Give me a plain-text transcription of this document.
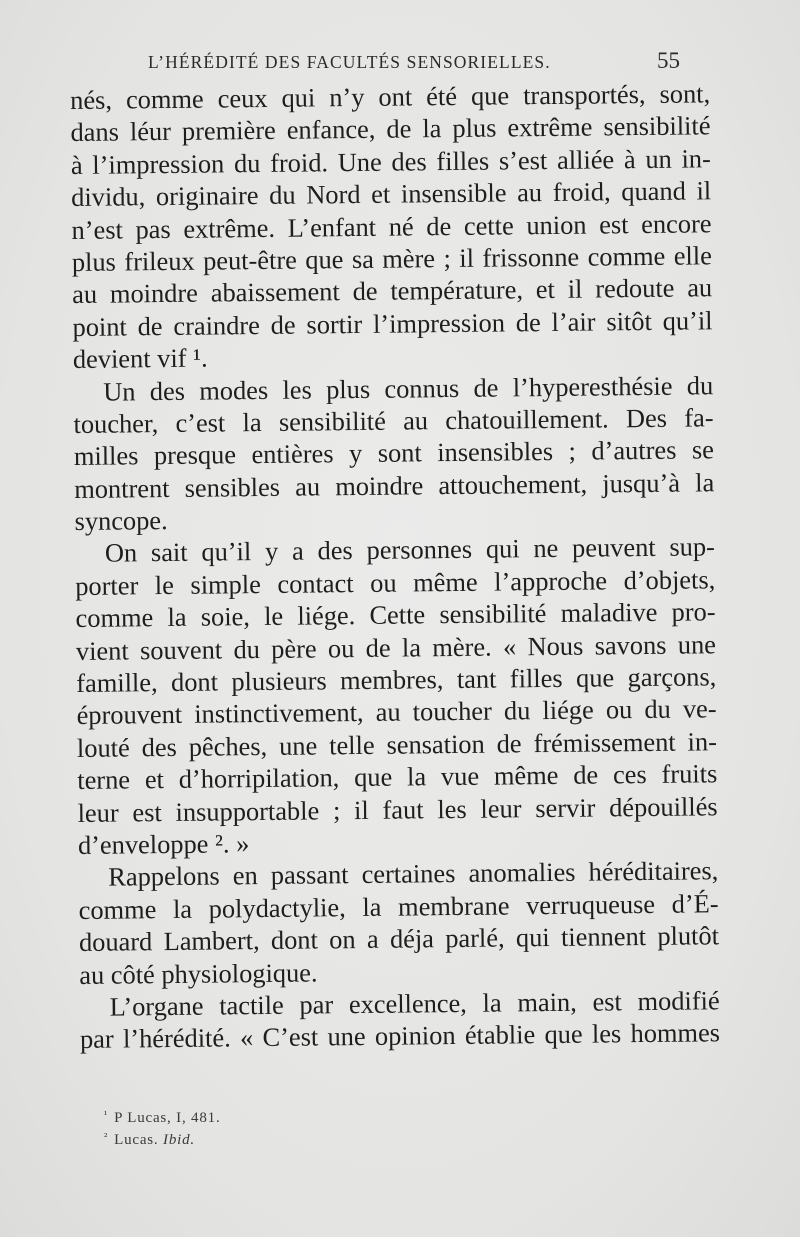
L’HÉRÉDITÉ DES FACULTÉS SENSORIELLES.	55
nés, comme ceux qui n’y ont été que transportés, sont,
dans léur première enfance, de la plus extrême sensibilité
à l’impression du froid. Une des filles s’est alliée à un in-
dividu, originaire du Nord et insensible au froid, quand il
n’est pas extrême. L’enfant né de cette union est encore
plus frileux peut-être que sa mère ; il frissonne comme elle
au moindre abaissement de température, et il redoute au
point de craindre de sortir l’impression de l’air sitôt qu’il
devient vif ¹.
Un des modes les plus connus de l’hyperesthésie du
toucher, c’est la sensibilité au chatouillement. Des fa-
milles presque entières y sont insensibles ; d’autres se
montrent sensibles au moindre attouchement, jusqu’à la
syncope.
On sait qu’il y a des personnes qui ne peuvent sup-
porter le simple contact ou même l’approche d’objets,
comme la soie, le liége. Cette sensibilité maladive pro-
vient souvent du père ou de la mère. « Nous savons une
famille, dont plusieurs membres, tant filles que garçons,
éprouvent instinctivement, au toucher du liége ou du ve-
louté des pêches, une telle sensation de frémissement in-
terne et d’horripilation, que la vue même de ces fruits
leur est insupportable ; il faut les leur servir dépouillés
d’enveloppe ². »
Rappelons en passant certaines anomalies héréditaires,
comme la polydactylie, la membrane verruqueuse d’É-
douard Lambert, dont on a déja parlé, qui tiennent plutôt
au côté physiologique.
L’organe tactile par excellence, la main, est modifié
par l’hérédité. « C’est une opinion établie que les hommes
$^{^1}$ P Lucas, I, 481.
$^{^2}$ Lucas. Ibid.
